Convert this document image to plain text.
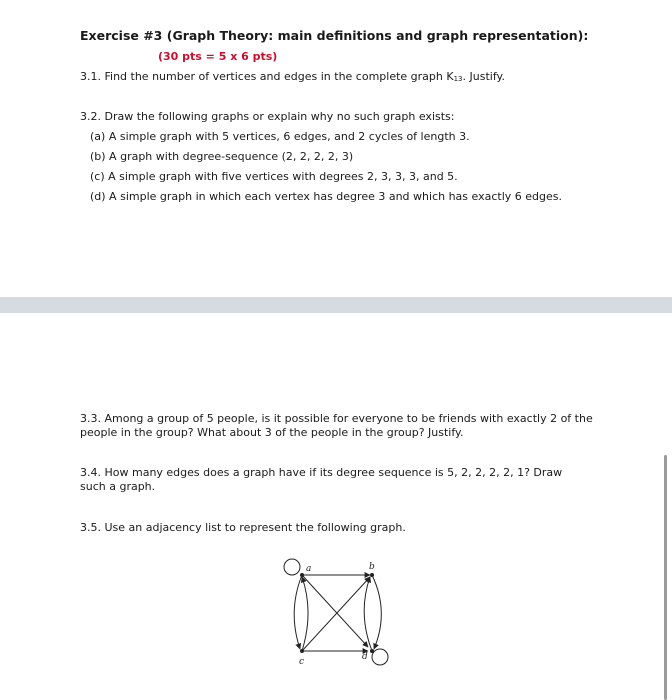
Exercise #3 (Graph Theory: main definitions and graph representation):
(30 pts = 5 x 6 pts)
3.1. Find the number of vertices and edges in the complete graph $K_{13}$. Justify.
3.2. Draw the following graphs or explain why no such graph exists:
(a) A simple graph with 5 vertices, 6 edges, and 2 cycles of length 3.
(b) A graph with degree-sequence (2, 2, 2, 2, 3)
(c) A simple graph with five vertices with degrees 2, 3, 3, 3, and 5.
(d) A simple graph in which each vertex has degree 3 and which has exactly 6 edges.
3.3. Among a group of 5 people, is it possible for everyone to be friends with exactly 2 of the
people in the group? What about 3 of the people in the group? Justify.
3.4. How many edges does a graph have if its degree sequence is 5, 2, 2, 2, 2, 1? Draw
such a graph.
3.5. Use an adjacency list to represent the following graph.
a	b
c	d
